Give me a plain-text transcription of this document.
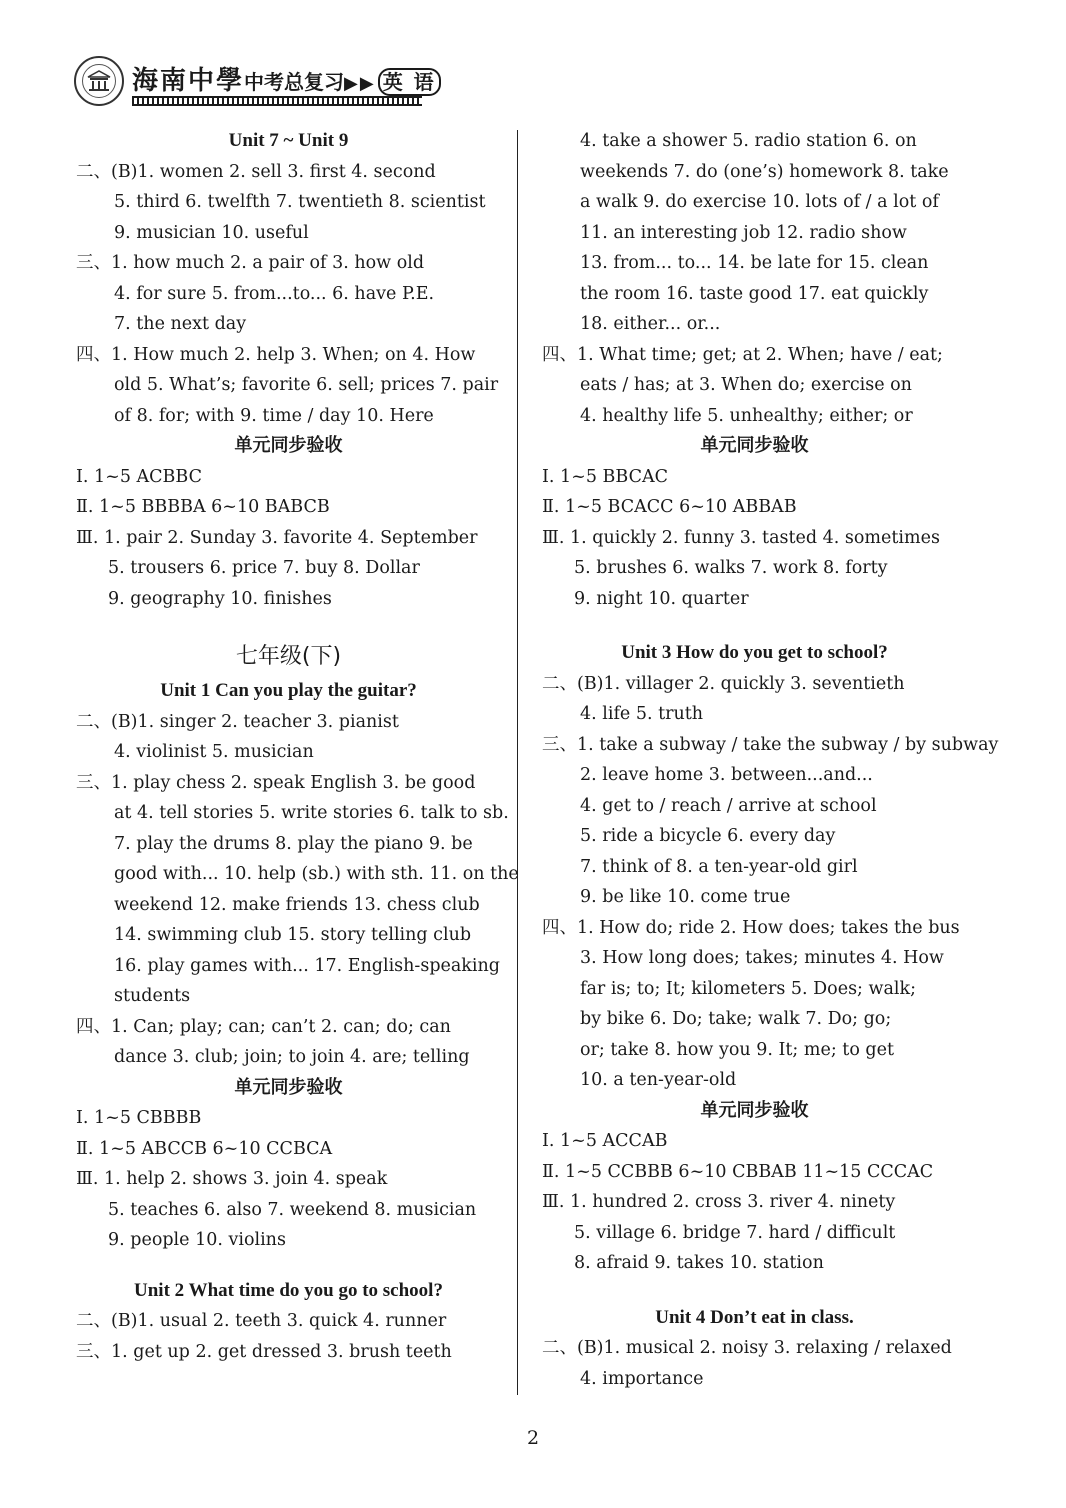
海南中學中考总复习▶▶ 英 语
Unit 7 ~ Unit 9
二、(B)1. women 2. sell 3. first 4. second
5. third 6. twelfth 7. twentieth 8. scientist
9. musician 10. useful
三、1. how much 2. a pair of 3. how old
4. for sure 5. from...to... 6. have P.E.
7. the next day
四、1. How much 2. help 3. When; on 4. How
old 5. What’s; favorite 6. sell; prices 7. pair
of 8. for; with 9. time / day 10. Here
单元同步验收
Ⅰ. 1~5 ACBBC
Ⅱ. 1~5 BBBBA 6~10 BABCB
Ⅲ. 1. pair 2. Sunday 3. favorite 4. September
5. trousers 6. price 7. buy 8. Dollar
9. geography 10. finishes
七年级(下)
Unit 1 Can you play the guitar?
二、(B)1. singer 2. teacher 3. pianist
4. violinist 5. musician
三、1. play chess 2. speak English 3. be good
at 4. tell stories 5. write stories 6. talk to sb.
7. play the drums 8. play the piano 9. be
good with... 10. help (sb.) with sth. 11. on the
weekend 12. make friends 13. chess club
14. swimming club 15. story telling club
16. play games with... 17. English-speaking
students
四、1. Can; play; can; can’t 2. can; do; can
dance 3. club; join; to join 4. are; telling
单元同步验收
Ⅰ. 1~5 CBBBB
Ⅱ. 1~5 ABCCB 6~10 CCBCA
Ⅲ. 1. help 2. shows 3. join 4. speak
5. teaches 6. also 7. weekend 8. musician
9. people 10. violins
Unit 2 What time do you go to school?
二、(B)1. usual 2. teeth 3. quick 4. runner
三、1. get up 2. get dressed 3. brush teeth
4. take a shower 5. radio station 6. on
weekends 7. do (one’s) homework 8. take
a walk 9. do exercise 10. lots of / a lot of
11. an interesting job 12. radio show
13. from... to... 14. be late for 15. clean
the room 16. taste good 17. eat quickly
18. either... or...
四、1. What time; get; at 2. When; have / eat;
eats / has; at 3. When do; exercise on
4. healthy life 5. unhealthy; either; or
单元同步验收
Ⅰ. 1~5 BBCAC
Ⅱ. 1~5 BCACC 6~10 ABBAB
Ⅲ. 1. quickly 2. funny 3. tasted 4. sometimes
5. brushes 6. walks 7. work 8. forty
9. night 10. quarter
Unit 3 How do you get to school?
二、(B)1. villager 2. quickly 3. seventieth
4. life 5. truth
三、1. take a subway / take the subway / by subway
2. leave home 3. between...and...
4. get to / reach / arrive at school
5. ride a bicycle 6. every day
7. think of 8. a ten-year-old girl
9. be like 10. come true
四、1. How do; ride 2. How does; takes the bus
3. How long does; takes; minutes 4. How
far is; to; It; kilometers 5. Does; walk;
by bike 6. Do; take; walk 7. Do; go;
or; take 8. how you 9. It; me; to get
10. a ten-year-old
单元同步验收
Ⅰ. 1~5 ACCAB
Ⅱ. 1~5 CCBBB 6~10 CBBAB 11~15 CCCAC
Ⅲ. 1. hundred 2. cross 3. river 4. ninety
5. village 6. bridge 7. hard / difficult
8. afraid 9. takes 10. station
Unit 4 Don’t eat in class.
二、(B)1. musical 2. noisy 3. relaxing / relaxed
4. importance
2
